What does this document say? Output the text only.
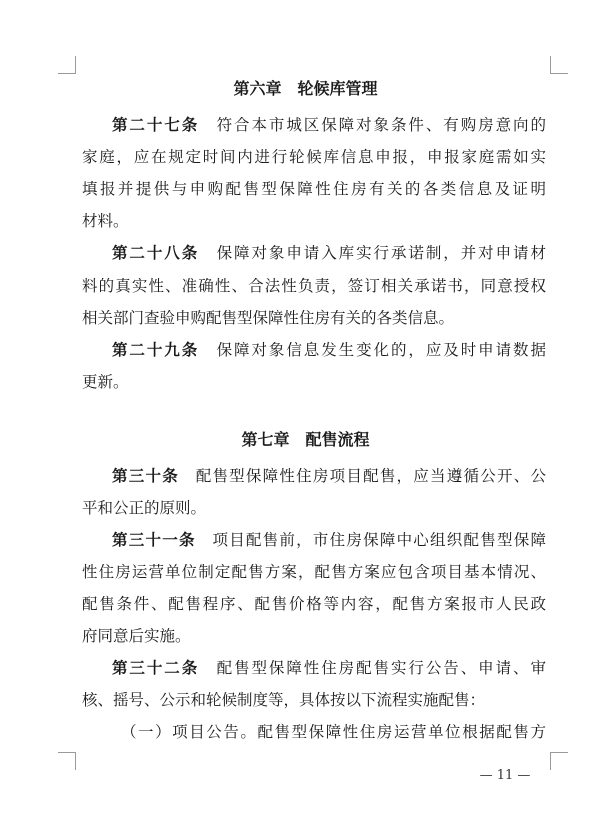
第六章　轮候库管理
第二十七条　 符合本市城区保障对象条件、有购房意向的
家庭，应在规定时间内进行轮候库信息申报，申报家庭需如实
填报并提供与申购配售型保障性住房有关的各类信息及证明
材料。
第二十八条　 保障对象申请入库实行承诺制，并对申请材
料的真实性、准确性、合法性负责，签订相关承诺书，同意授权
相关部门查验申购配售型保障性住房有关的各类信息。
第二十九条　 保障对象信息发生变化的，应及时申请数据
更新。
第七章　配售流程
第三十条　 配售型保障性住房项目配售，应当遵循公开、公
平和公正的原则。
第三十一条　 项目配售前，市住房保障中心组织配售型保障
性住房运营单位制定配售方案，配售方案应包含项目基本情况、
配售条件、配售程序、配售价格等内容，配售方案报市人民政
府同意后实施。
第三十二条　 配售型保障性住房配售实行公告、申请、审
核、摇号、公示和轮候制度等，具体按以下流程实施配售：
（一）项目公告。配售型保障性住房运营单位根据配售方
— 11 —
